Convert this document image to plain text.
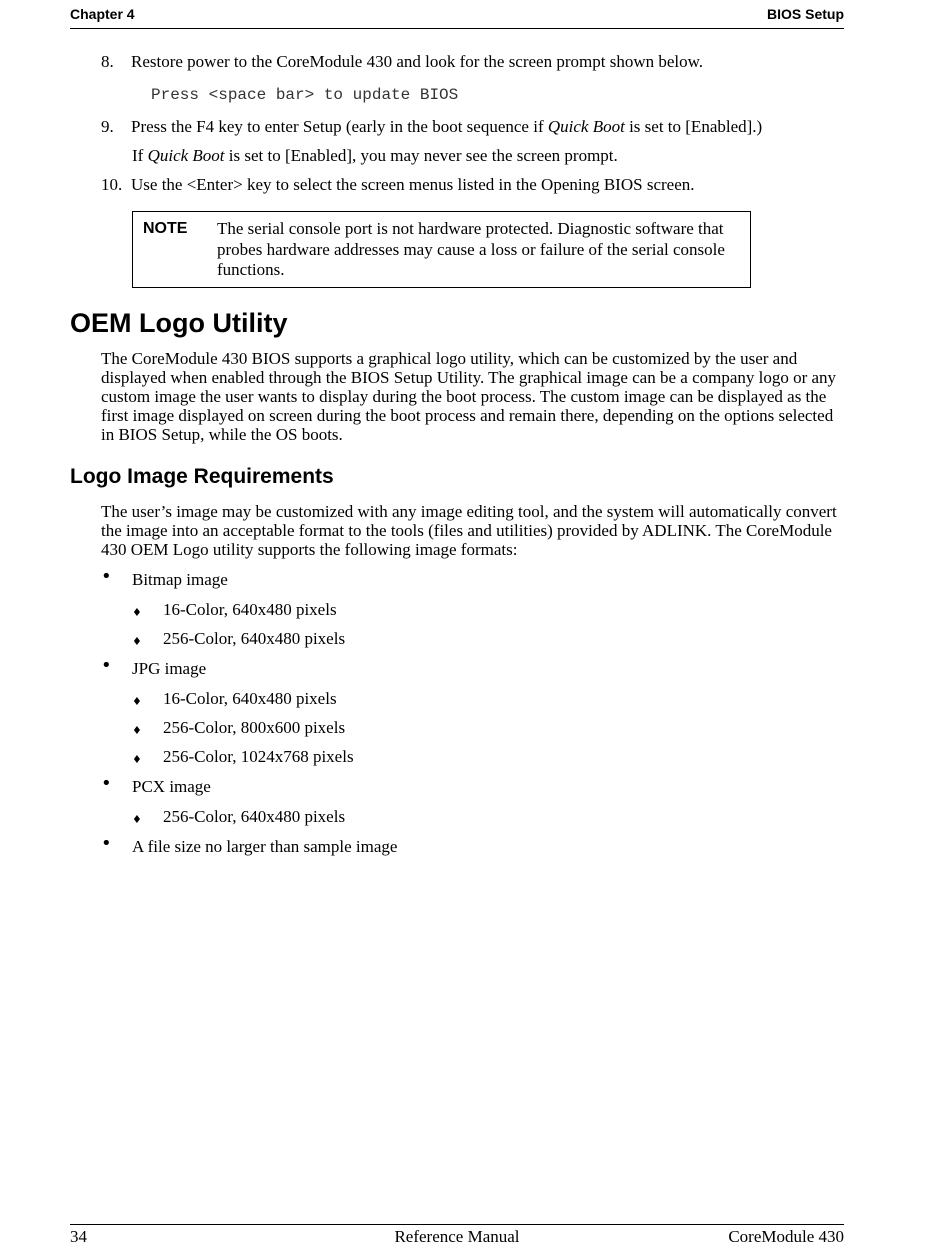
Chapter 4	BIOS Setup
8. Restore power to the CoreModule 430 and look for the screen prompt shown below.
Press <space bar> to update BIOS
9. Press the F4 key to enter Setup (early in the boot sequence if Quick Boot is set to [Enabled].)
If Quick Boot is set to [Enabled], you may never see the screen prompt.
10. Use the <Enter> key to select the screen menus listed in the Opening BIOS screen.
NOTE The serial console port is not hardware protected. Diagnostic software that probes hardware addresses may cause a loss or failure of the serial console functions.
OEM Logo Utility
The CoreModule 430 BIOS supports a graphical logo utility, which can be customized by the user and displayed when enabled through the BIOS Setup Utility. The graphical image can be a company logo or any custom image the user wants to display during the boot process. The custom image can be displayed as the first image displayed on screen during the boot process and remain there, depending on the options selected in BIOS Setup, while the OS boots.
Logo Image Requirements
The user’s image may be customized with any image editing tool, and the system will automatically convert the image into an acceptable format to the tools (files and utilities) provided by ADLINK. The CoreModule 430 OEM Logo utility supports the following image formats:
• Bitmap image
♦ 16-Color, 640x480 pixels
♦ 256-Color, 640x480 pixels
• JPG image
♦ 16-Color, 640x480 pixels
♦ 256-Color, 800x600 pixels
♦ 256-Color, 1024x768 pixels
• PCX image
♦ 256-Color, 640x480 pixels
• A file size no larger than sample image
34	Reference Manual	CoreModule 430
